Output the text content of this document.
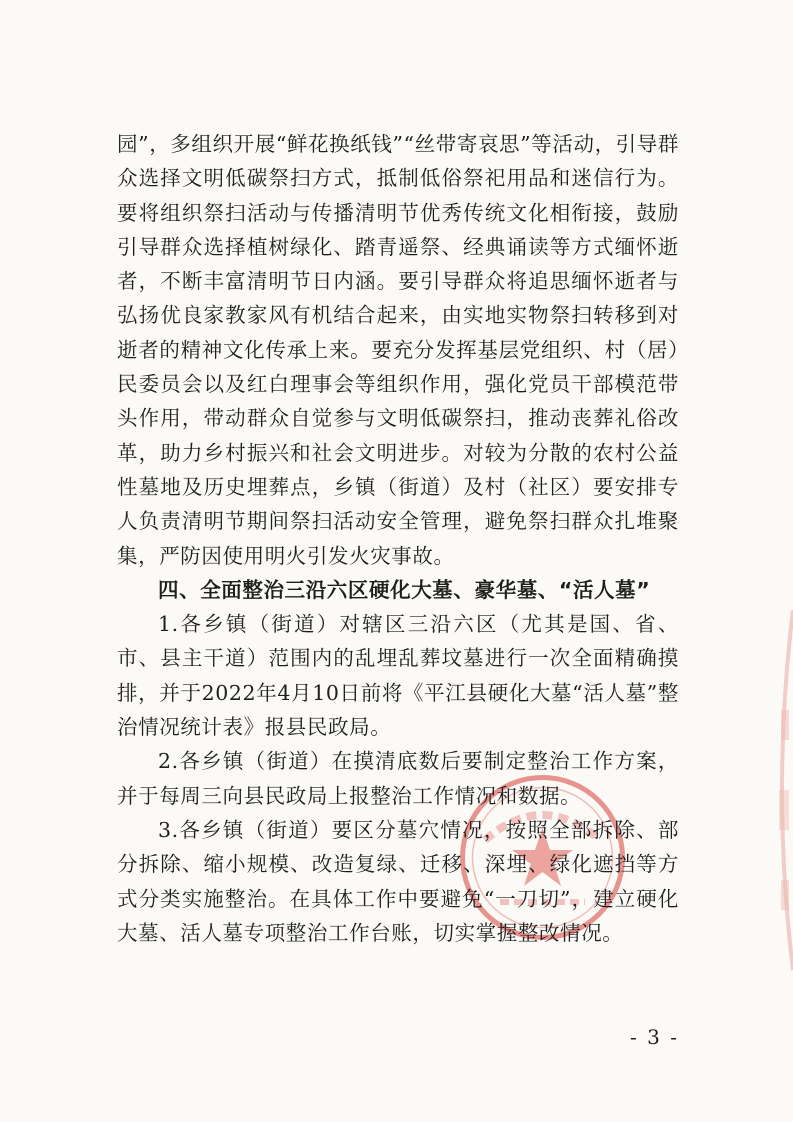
园”，多组织开展“鲜花换纸钱”“丝带寄哀思”等活动，引导群众选择文明低碳祭扫方式，抵制低俗祭祀用品和迷信行为。要将组织祭扫活动与传播清明节优秀传统文化相衔接，鼓励引导群众选择植树绿化、踏青遥祭、经典诵读等方式缅怀逝者，不断丰富清明节日内涵。要引导群众将追思缅怀逝者与弘扬优良家教家风有机结合起来，由实地实物祭扫转移到对逝者的精神文化传承上来。要充分发挥基层党组织、村（居）民委员会以及红白理事会等组织作用，强化党员干部模范带头作用，带动群众自觉参与文明低碳祭扫，推动丧葬礼俗改革，助力乡村振兴和社会文明进步。对较为分散的农村公益性墓地及历史埋葬点，乡镇（街道）及村（社区）要安排专人负责清明节期间祭扫活动安全管理，避免祭扫群众扎堆聚集，严防因使用明火引发火灾事故。

四、全面整治三沿六区硬化大墓、豪华墓、“活人墓”

1.各乡镇（街道）对辖区三沿六区（尤其是国、省、市、县主干道）范围内的乱埋乱葬坟墓进行一次全面精确摸排，并于2022年4月10日前将《平江县硬化大墓“活人墓”整治情况统计表》报县民政局。

2.各乡镇（街道）在摸清底数后要制定整治工作方案，并于每周三向县民政局上报整治工作情况和数据。

3.各乡镇（街道）要区分墓穴情况，按照全部拆除、部分拆除、缩小规模、改造复绿、迁移、深埋、绿化遮挡等方式分类实施整治。在具体工作中要避免“一刀切”，建立硬化大墓、活人墓专项整治工作台账，切实掌握整改情况。

- 3 -
